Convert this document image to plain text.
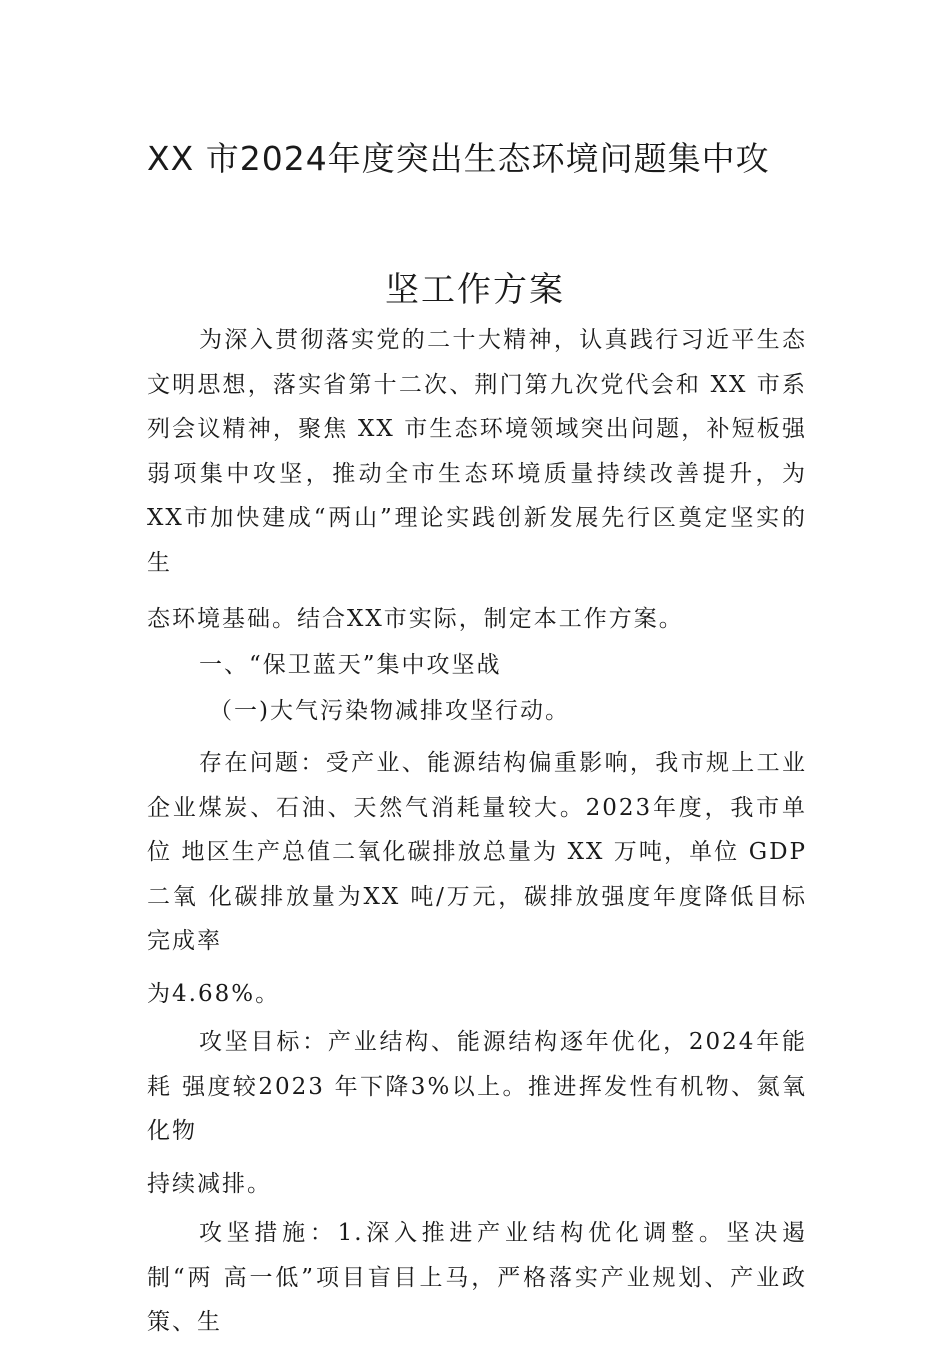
XX 市2024年度突出生态环境问题集中攻
坚工作方案

为深入贯彻落实党的二十大精神，认真践行习近平生态文明思想，落实省第十二次、荆门第九次党代会和 XX 市系列会议精神，聚焦 XX 市生态环境领域突出问题，补短板强弱项集中攻坚，推动全市生态环境质量持续改善提升，为XX市加快建成“两山”理论实践创新发展先行区奠定坚实的生

态环境基础。结合XX市实际，制定本工作方案。

一、“保卫蓝天”集中攻坚战

（一)大气污染物减排攻坚行动。

存在问题：受产业、能源结构偏重影响，我市规上工业企业煤炭、石油、天然气消耗量较大。2023年度，我市单位 地区生产总值二氧化碳排放总量为 XX 万吨，单位 GDP 二氧 化碳排放量为XX 吨/万元，碳排放强度年度降低目标完成率

为4.68%。

攻坚目标：产业结构、能源结构逐年优化，2024年能耗 强度较2023 年下降3%以上。推进挥发性有机物、氮氧化物

持续减排。

攻坚措施：1.深入推进产业结构优化调整。坚决遏制“两 高一低”项目盲目上马，严格落实产业规划、产业政策、生
